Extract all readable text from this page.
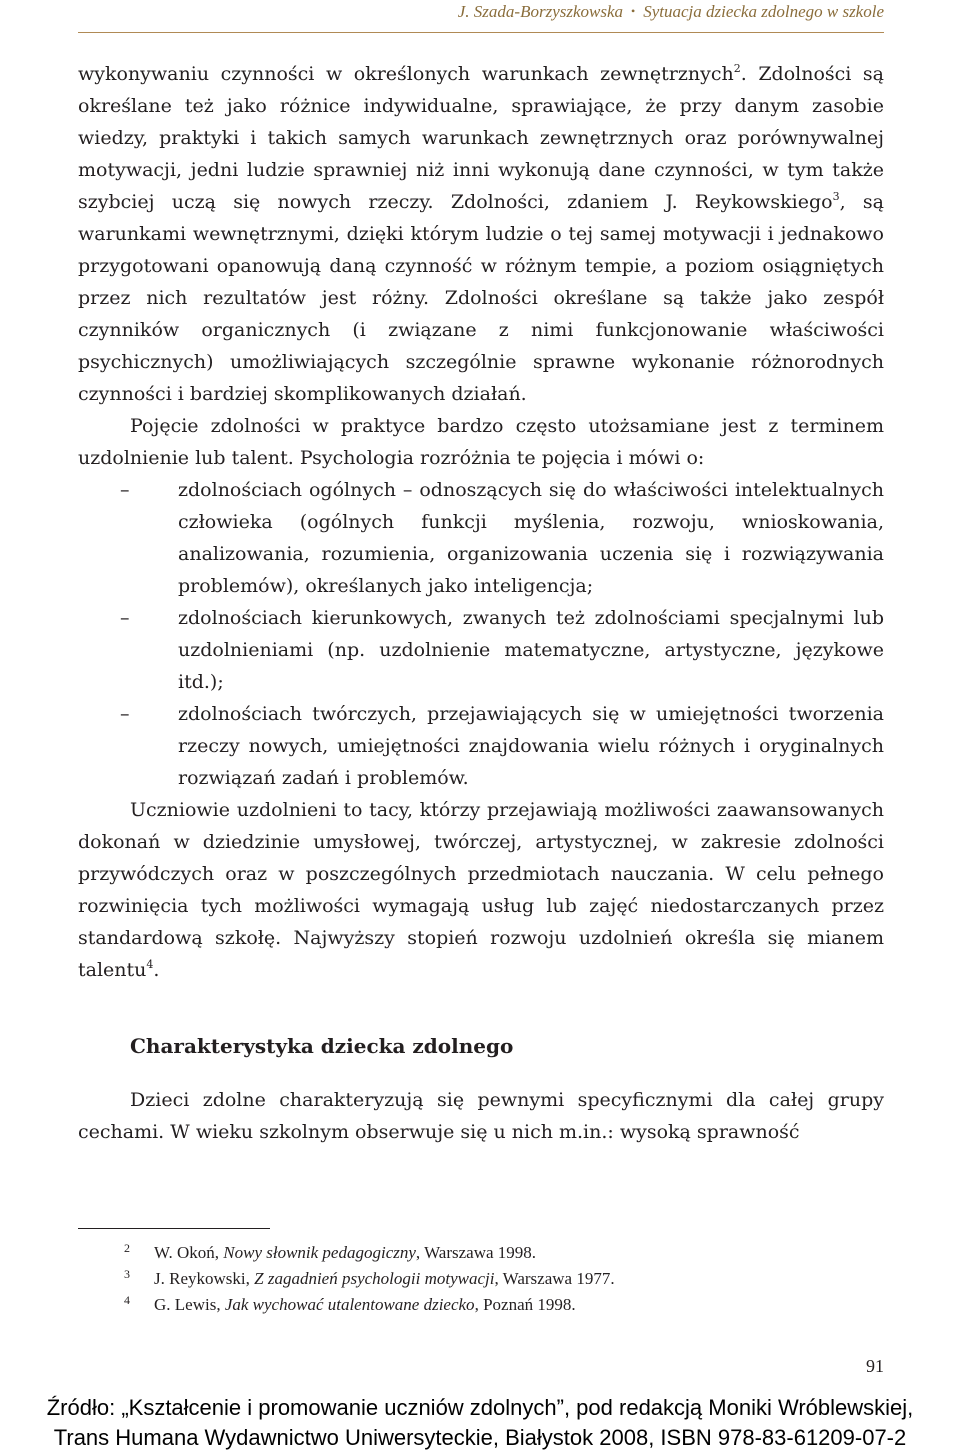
J. Szada-Borzyszkowska • Sytuacja dziecka zdolnego w szkole

wykonywaniu czynności w określonych warunkach zewnętrznych$^2$. Zdolności są określane też jako różnice indywidualne, sprawiające, że przy danym zasobie wiedzy, praktyki i takich samych warunkach zewnętrznych oraz porównywalnej motywacji, jedni ludzie sprawniej niż inni wykonują dane czynności, w tym także szybciej uczą się nowych rzeczy. Zdolności, zdaniem J. Reykowskiego$^3$, są warunkami wewnętrznymi, dzięki którym ludzie o tej samej motywacji i jednakowo przygotowani opanowują daną czynność w różnym tempie, a poziom osiągniętych przez nich rezultatów jest różny. Zdolności określane są także jako zespół czynników organicznych (i związane z nimi funkcjonowanie właściwości psychicznych) umożliwiających szczególnie sprawne wykonanie różnorodnych czynności i bardziej skomplikowanych działań.

Pojęcie zdolności w praktyce bardzo często utożsamiane jest z terminem uzdolnienie lub talent. Psychologia rozróżnia te pojęcia i mówi o:

–	zdolnościach ogólnych – odnoszących się do właściwości intelektualnych człowieka (ogólnych funkcji myślenia, rozwoju, wnioskowania, analizowania, rozumienia, organizowania uczenia się i rozwiązywania problemów), określanych jako inteligencja;
–	zdolnościach kierunkowych, zwanych też zdolnościami specjalnymi lub uzdolnieniami (np. uzdolnienie matematyczne, artystyczne, językowe itd.);
–	zdolnościach twórczych, przejawiających się w umiejętności tworzenia rzeczy nowych, umiejętności znajdowania wielu różnych i oryginalnych rozwiązań zadań i problemów.

Uczniowie uzdolnieni to tacy, którzy przejawiają możliwości zaawansowanych dokonań w dziedzinie umysłowej, twórczej, artystycznej, w zakresie zdolności przywódczych oraz w poszczególnych przedmiotach nauczania. W celu pełnego rozwinięcia tych możliwości wymagają usług lub zajęć niedostarczanych przez standardową szkołę. Najwyższy stopień rozwoju uzdolnień określa się mianem talentu$^4$.

Charakterystyka dziecka zdolnego

Dzieci zdolne charakteryzują się pewnymi specyficznymi dla całej grupy cechami. W wieku szkolnym obserwuje się u nich m.in.: wysoką sprawność

2 W. Okoń, Nowy słownik pedagogiczny, Warszawa 1998.
3 J. Reykowski, Z zagadnień psychologii motywacji, Warszawa 1977.
4 G. Lewis, Jak wychować utalentowane dziecko, Poznań 1998.
91
Źródło: „Kształcenie i promowanie uczniów zdolnych”, pod redakcją Moniki Wróblewskiej,
Trans Humana Wydawnictwo Uniwersyteckie, Białystok 2008, ISBN 978-83-61209-07-2
